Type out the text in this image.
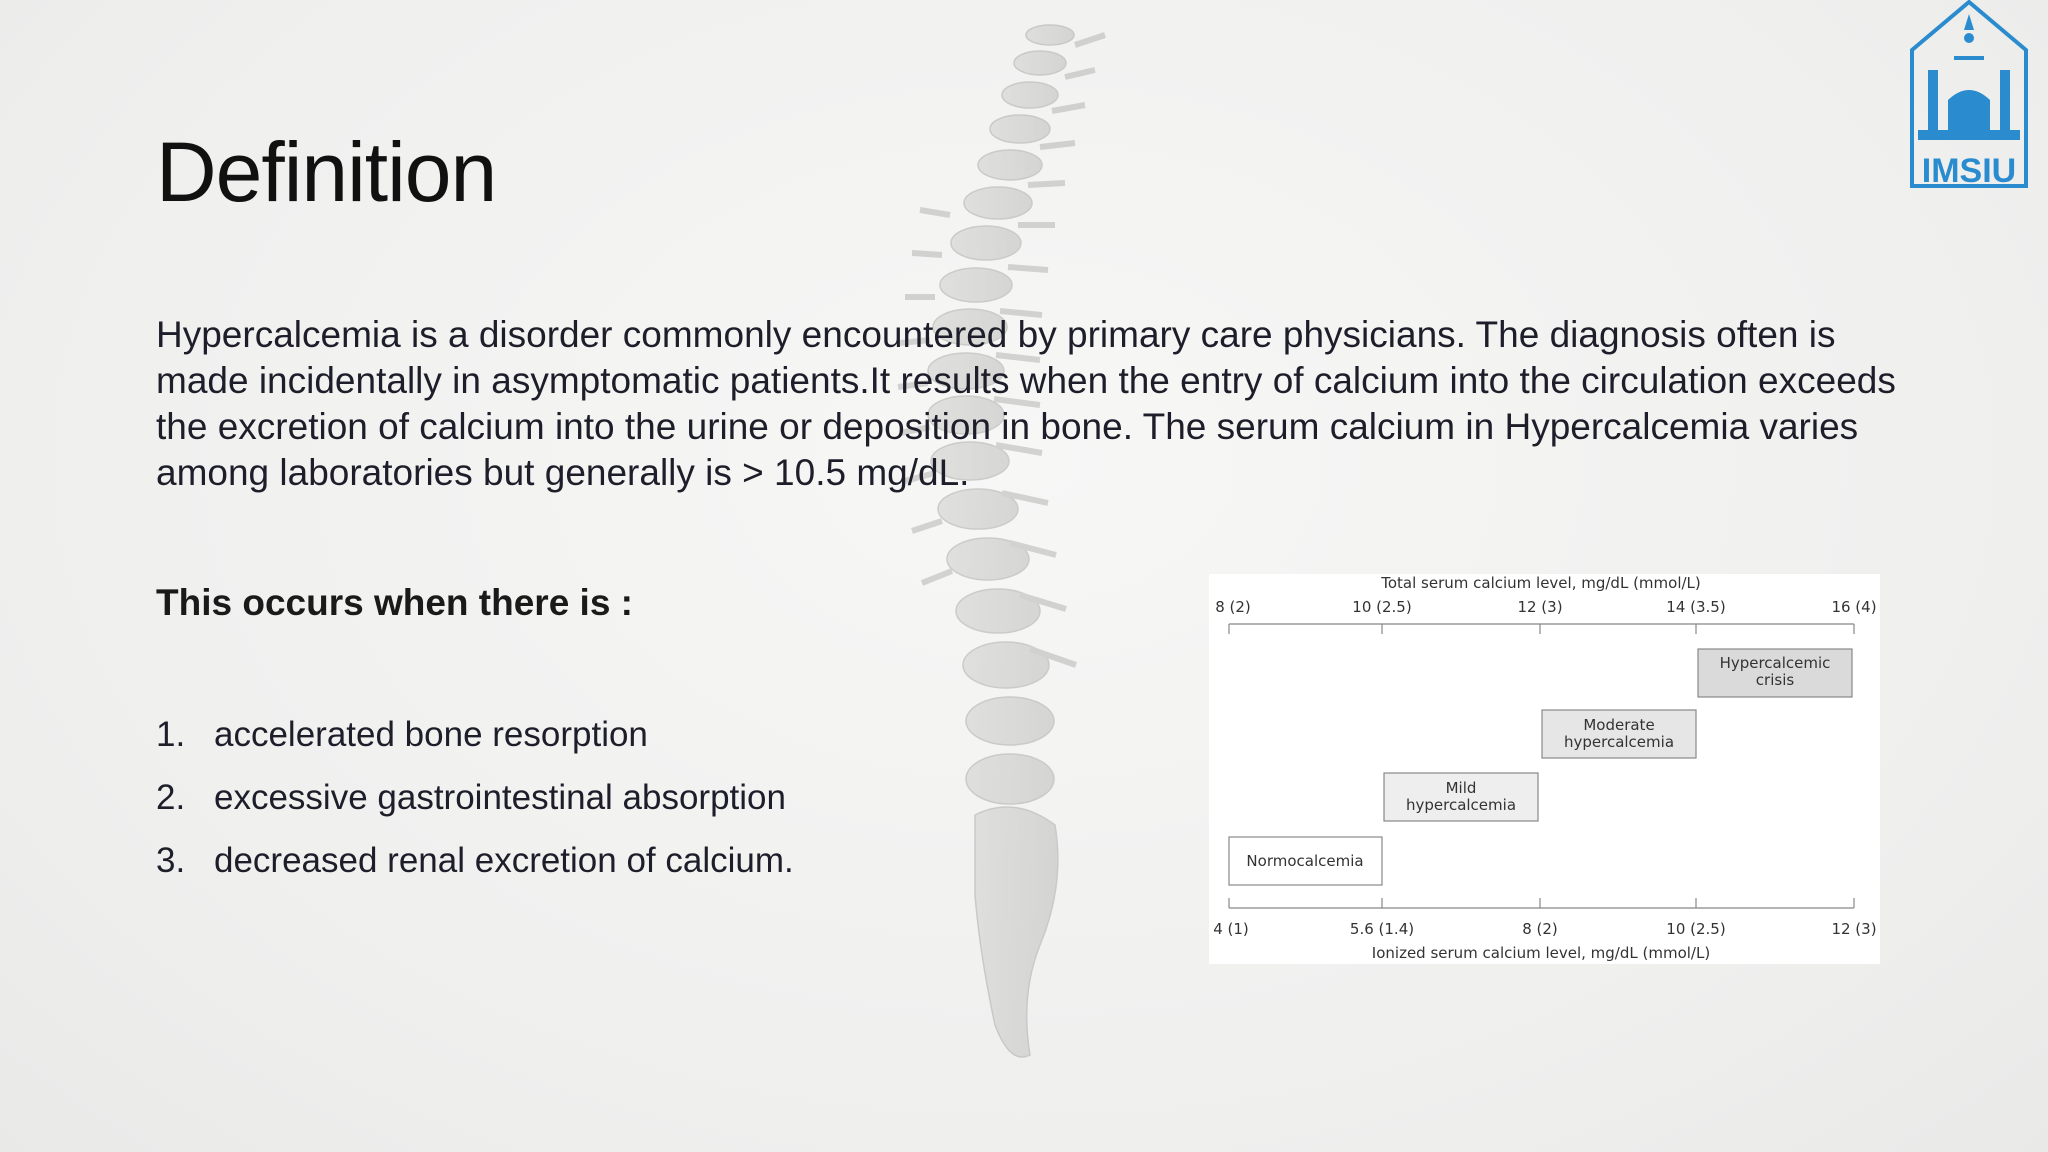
IMSIU
Definition
Hypercalcemia is a disorder commonly encountered by primary care physicians. The diagnosis often is made incidentally in asymptomatic patients.It results when the entry of calcium into the circulation exceeds the excretion of calcium into the urine or deposition in bone. The serum calcium in Hypercalcemia varies among laboratories but generally is > 10.5 mg/dL.
This occurs when there is :
1. accelerated bone resorption
2. excessive gastrointestinal absorption
3. decreased renal excretion of calcium.
Total serum calcium level, mg/dL (mmol/L)
8 (2)	10 (2.5)	12 (3)	14 (3.5)	16 (4)
Hypercalcemic
crisis
Moderate
hypercalcemia
Mild
hypercalcemia
Normocalcemia
4 (1)	5.6 (1.4)	8 (2)	10 (2.5)	12 (3)
Ionized serum calcium level, mg/dL (mmol/L)
